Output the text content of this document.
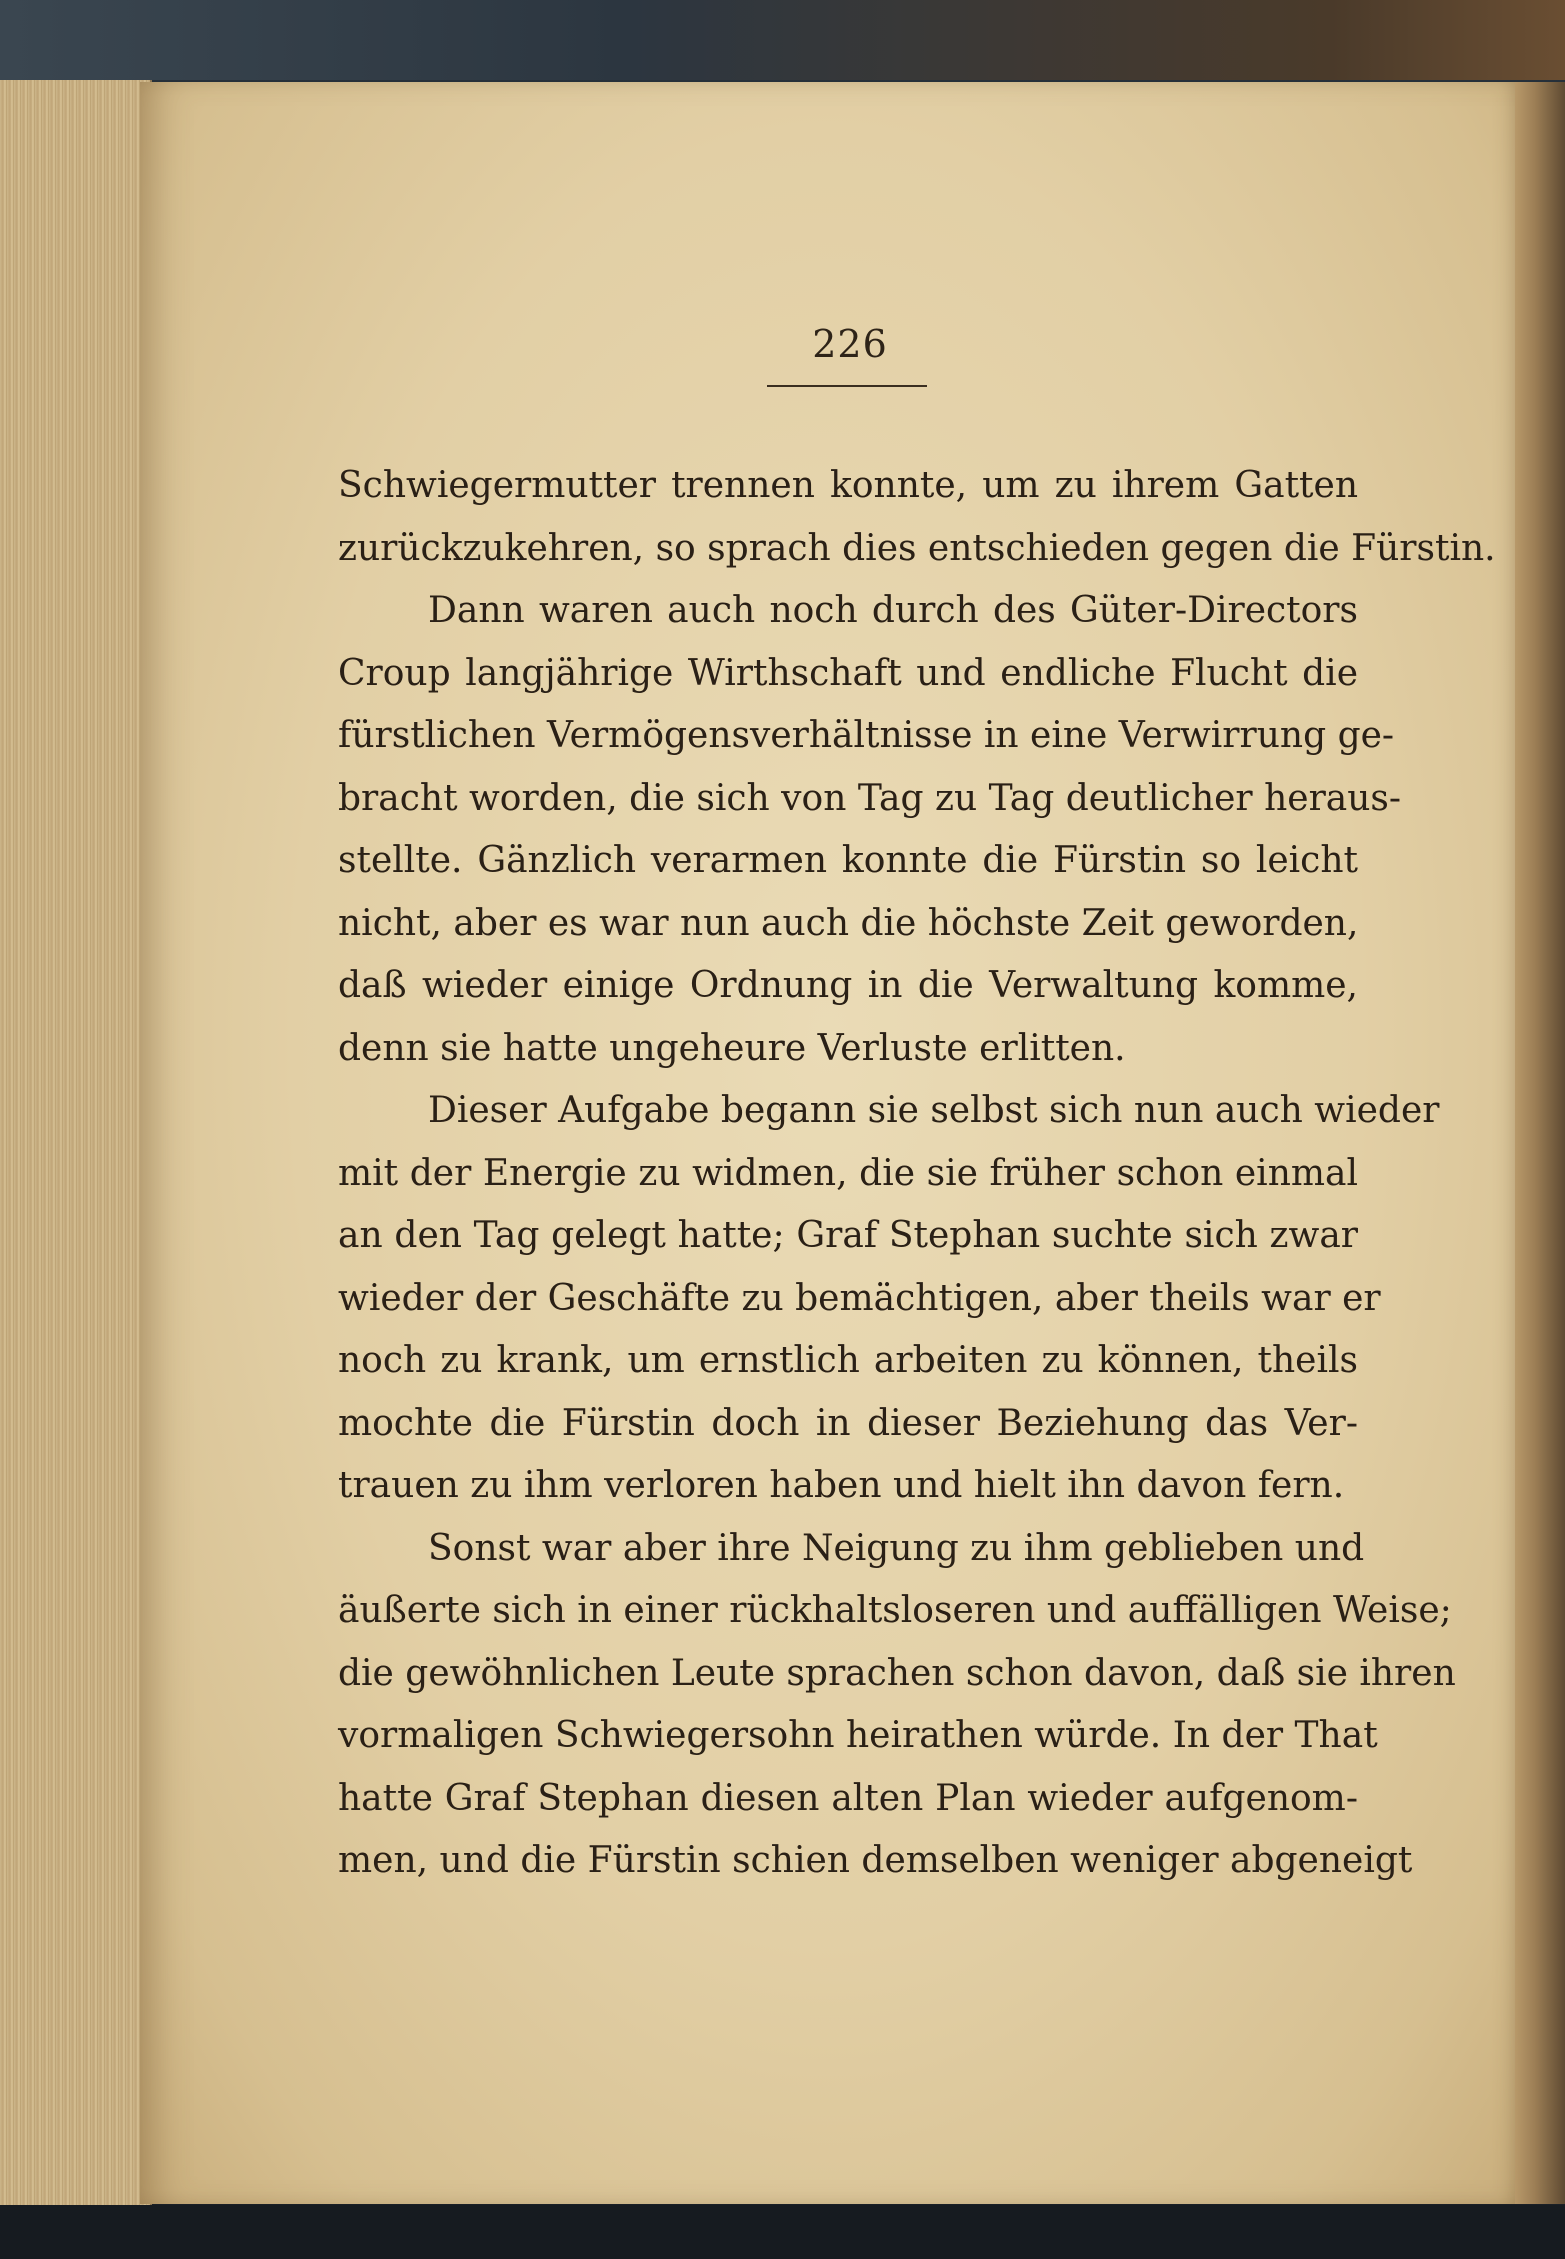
226
Schwiegermutter trennen konnte, um zu ihrem Gatten
zurückzukehren, so sprach dies entschieden gegen die Fürstin.
Dann waren auch noch durch des Güter-Directors
Croup langjährige Wirthschaft und endliche Flucht die
fürstlichen Vermögensverhältnisse in eine Verwirrung ge-
bracht worden, die sich von Tag zu Tag deutlicher heraus-
stellte. Gänzlich verarmen konnte die Fürstin so leicht
nicht, aber es war nun auch die höchste Zeit geworden,
daß wieder einige Ordnung in die Verwaltung komme,
denn sie hatte ungeheure Verluste erlitten.
Dieser Aufgabe begann sie selbst sich nun auch wieder
mit der Energie zu widmen, die sie früher schon einmal
an den Tag gelegt hatte; Graf Stephan suchte sich zwar
wieder der Geschäfte zu bemächtigen, aber theils war er
noch zu krank, um ernstlich arbeiten zu können, theils
mochte die Fürstin doch in dieser Beziehung das Ver-
trauen zu ihm verloren haben und hielt ihn davon fern.
Sonst war aber ihre Neigung zu ihm geblieben und
äußerte sich in einer rückhaltsloseren und auffälligen Weise;
die gewöhnlichen Leute sprachen schon davon, daß sie ihren
vormaligen Schwiegersohn heirathen würde. In der That
hatte Graf Stephan diesen alten Plan wieder aufgenom-
men, und die Fürstin schien demselben weniger abgeneigt
